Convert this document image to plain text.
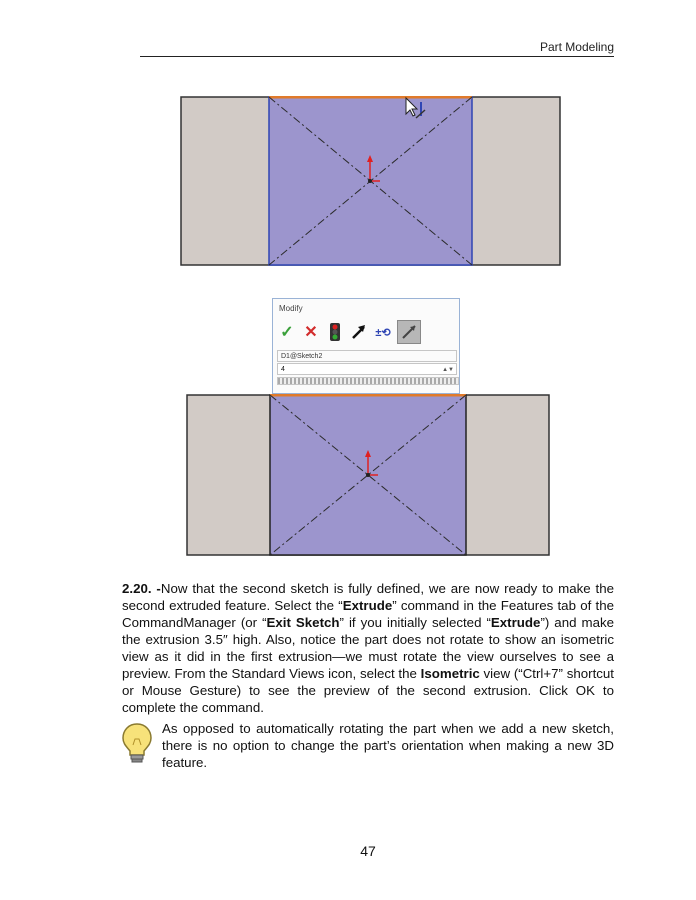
Part Modeling
Modify
✓ ✕	±⟲
D1@Sketch2
4	▲▼

2.20. -Now that the second sketch is fully defined, we are now ready to make the second extruded feature. Select the “Extrude” command in the Features tab of the CommandManager (or “Exit Sketch” if you initially selected “Extrude”) and make the extrusion 3.5″ high. Also, notice the part does not rotate to show an isometric view as it did in the first extrusion—we must rotate the view ourselves to see a preview. From the Standard Views icon, select the Isometric view (“Ctrl+7” shortcut or Mouse Gesture) to see the preview of the second extrusion. Click OK to complete the command.

As opposed to automatically rotating the part when we add a new sketch, there is no option to change the part’s orientation when making a new 3D feature.

47
